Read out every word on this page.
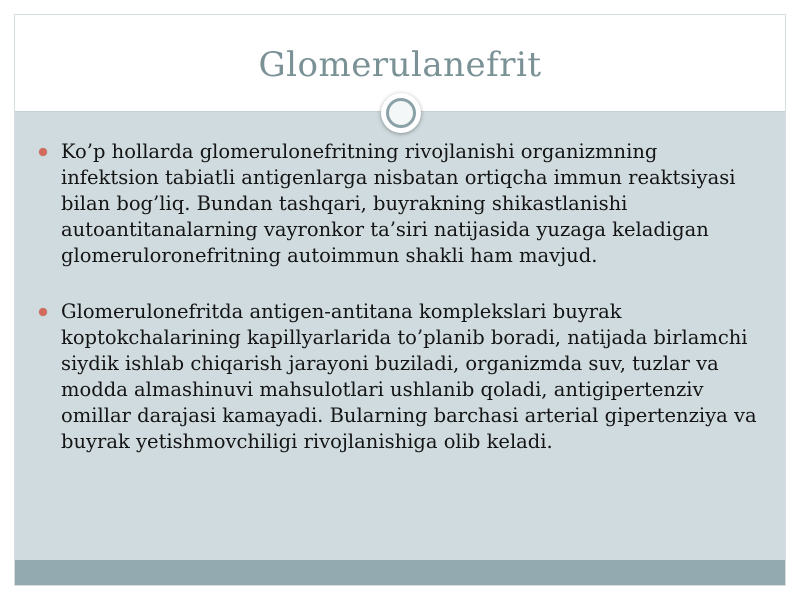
Glomerulanefrit
Ko’p hollarda glomerulonefritning rivojlanishi organizmning infektsion tabiatli antigenlarga nisbatan ortiqcha immun reaktsiyasi bilan bog’liq. Bundan tashqari, buyrakning shikastlanishi autoantitanalarning vayronkor ta’siri natijasida yuzaga keladigan glomeruloronefritning autoimmun shakli ham mavjud.
Glomerulonefritda antigen-antitana komplekslari buyrak koptokchalarining kapillyarlarida to’planib boradi, natijada birlamchi siydik ishlab chiqarish jarayoni buziladi, organizmda suv, tuzlar va modda almashinuvi mahsulotlari ushlanib qoladi, antigipertenziv omillar darajasi kamayadi. Bularning barchasi arterial gipertenziya va buyrak yetishmovchiligi rivojlanishiga olib keladi.
